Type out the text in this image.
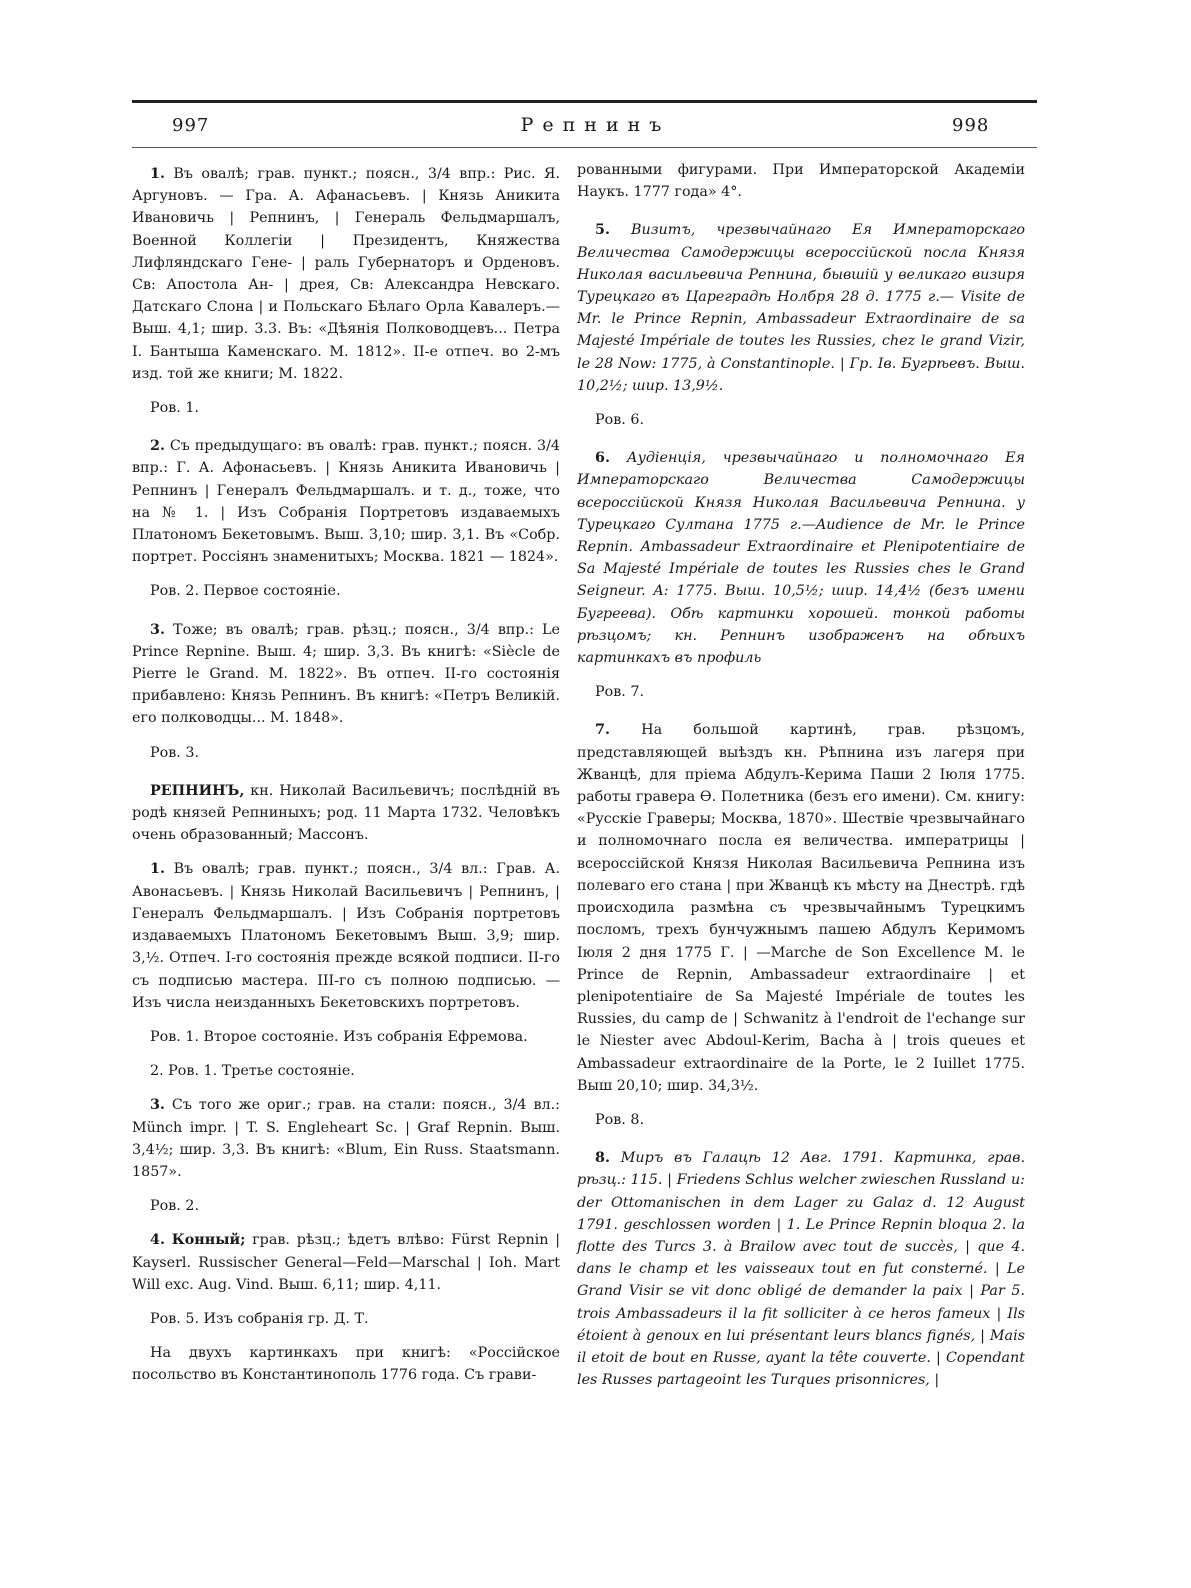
997	Репнинъ	998

1. Въ овалѣ; грав. пункт.; поясн., 3/4 впр.: Рис. Я. Аргуновъ. — Гра. А. Афанасьевъ. | Князь Аникита Ивановичь | Репнинъ, | Генераль Фельдмаршалъ, Военной Коллегiи | Президентъ, Княжества Лифляндскаго Гене- | раль Губернаторъ и Орденовъ. Св: Апостола Ан- | дрея, Св: Александра Невскаго. Датскаго Слона | и Польскаго Бѣлаго Орла Кавалеръ.—Выш. 4,1; шир. 3.3. Въ: «Дѣянія Полководцевъ... Петра I. Бантыша Каменскаго. М. 1812». II-е отпеч. во 2-мъ изд. той же книги; М. 1822.

Ров. 1.

2. Съ предыдущаго: въ овалѣ: грав. пункт.; поясн. 3/4 впр.: Г. А. Афонасьевъ. | Князь Аникита Ивановичь | Репнинъ | Генералъ Фельдмаршалъ. и т. д., тоже, что на № 1. | Изъ Собранія Портретовъ издаваемыхъ Платономъ Бекетовымъ. Выш. 3,10; шир. 3,1. Въ «Собр. портрет. Россіянъ знаменитыхъ; Москва. 1821 — 1824».

Ров. 2. Первое состояніе.

3. Тоже; въ овалѣ; грав. рѣзц.; поясн., 3/4 впр.: Le Prince Repnine. Выш. 4; шир. 3,3. Въ книгѣ: «Siècle de Pierre le Grand. M. 1822». Въ отпеч. II-го состоянія прибавлено: Князь Репнинъ. Въ книгѣ: «Петръ Великій. его полководцы... М. 1848».

Ров. 3.

РЕПНИНЪ, кн. Николай Васильевичъ; послѣдній въ родѣ князей Репниныхъ; род. 11 Марта 1732. Человѣкъ очень образованный; Массонъ.

1. Въ овалѣ; грав. пункт.; поясн., 3/4 вл.: Грав. А. Авонасьевъ. | Князь Николай Васильевичъ | Репнинъ, | Генералъ Фельдмаршалъ. | Изъ Собранія портретовъ издаваемыхъ Платономъ Бекетовымъ Выш. 3,9; шир. 3,½. Отпеч. I-го состоянія прежде всякой подписи. II-го съ подписью мастера. III-го съ полною подписью. — Изъ числа неизданныхъ Бекетовскихъ портретовъ.

Ров. 1. Второе состояніе. Изъ собранія Ефремова.

2. Ров. 1. Третье состояніе.

3. Съ того же ориг.; грав. на стали: поясн., 3/4 вл.: Münch impr. | T. S. Engleheart Sc. | Graf Repnin. Выш. 3,4½; шир. 3,3. Въ книгѣ: «Blum, Ein Russ. Staatsmann. 1857».

Ров. 2.

4. Конный; грав. рѣзц.; ѣдетъ влѣво: Fürst Repnin | Kayserl. Russischer General—Feld—Marschal | Ioh. Mart Will exc. Aug. Vind. Выш. 6,11; шир. 4,11.

Ров. 5. Изъ собранія гр. Д. Т.

На двухъ картинкахъ при книгѣ: «Россійское посольство въ Константинополь 1776 года. Съ грави-

рованными фигурами. При Императорской Академіи Наукъ. 1777 года» 4°.

5. Визитъ, чрезвычайнаго Ея Императорскаго Величества Самодержицы всероссiйской посла Князя Николая васильевича Репнина, бывшiй у великаго визиря Турецкаго въ Цареградѣ Нолбря 28 д. 1775 г.— Visite de Mr. le Prince Repnin, Ambassadeur Extraordinaire de sa Majesté Impériale de toutes les Russies, chez le grand Vizir, le 28 Now: 1775, à Constantinople. | Гр. Iв. Бугрѣевъ. Выш. 10,2½; шир. 13,9½.

Ров. 6.

6. Аудіенція, чрезвычайнаго и полномочнаго Ея Императорскаго Величества Самодержицы всероссiйской Князя Николая Васильевича Репнина. у Турецкаго Султана 1775 г.—Audience de Mr. le Prince Repnin. Ambassadeur Extraordinaire et Plenipotentiaire de Sa Majesté Impériale de toutes les Russies ches le Grand Seigneur. A: 1775. Выш. 10,5½; шир. 14,4½ (безъ имени Бугреева). Обѣ картинки хорошей. тонкой работы рѣзцомъ; кн. Репнинъ изображенъ на обѣихъ картинкахъ въ профиль

Ров. 7.

7. На большой картинѣ, грав. рѣзцомъ, представляющей выѣздъ кн. Рѣпнина изъ лагеря при Жванцѣ, для пріема Абдулъ-Керима Паши 2 Iюля 1775. работы гравера Ѳ. Полетника (безъ его имени). См. книгу: «Русскіе Граверы; Москва, 1870». Шествiе чрезвычайнаго и полномочнаго посла ея величества. императрицы | всероссiйской Князя Николая Васильевича Репнина изъ полеваго его стана | при Жванцѣ къ мѣсту на Днестрѣ. гдѣ происходила размѣна съ чрезвычайнымъ Турецкимъ посломъ, трехъ бунчужнымъ пашею Абдулъ Керимомъ Iюля 2 дня 1775 Г. | —Marche de Son Excellence M. le Prince de Repnin, Ambassadeur extraordinaire | et plenipotentiaire de Sa Majesté Impériale de toutes les Russies, du camp de | Schwanitz à l'endroit de l'echange sur le Niester avec Abdoul-Kerim, Bacha à | trois queues et Ambassadeur extraordinaire de la Porte, le 2 Iuillet 1775. Выш 20,10; шир. 34,3½.

Ров. 8.

8. Миръ въ Галацѣ 12 Авг. 1791. Картинка, грав. рѣзц.: 115. | Friedens Schlus welcher zwieschen Russland u: der Ottomanischen in dem Lager zu Galaz d. 12 August 1791. geschlossen worden | 1. Le Prince Repnin bloqua 2. la flotte des Turcs 3. à Brailow avec tout de succès, | que 4. dans le champ et les vaisseaux tout en fut consterné. | Le Grand Visir se vit donc obligé de demander la paix | Par 5. trois Ambassadeurs il la fit solliciter à ce heros fameux | Ils étoient à genoux en lui présentant leurs blancs fignés, | Mais il etoit de bout en Russe, ayant la tête couverte. | Copendant les Russes partageoint les Turques prisonnicres, |
